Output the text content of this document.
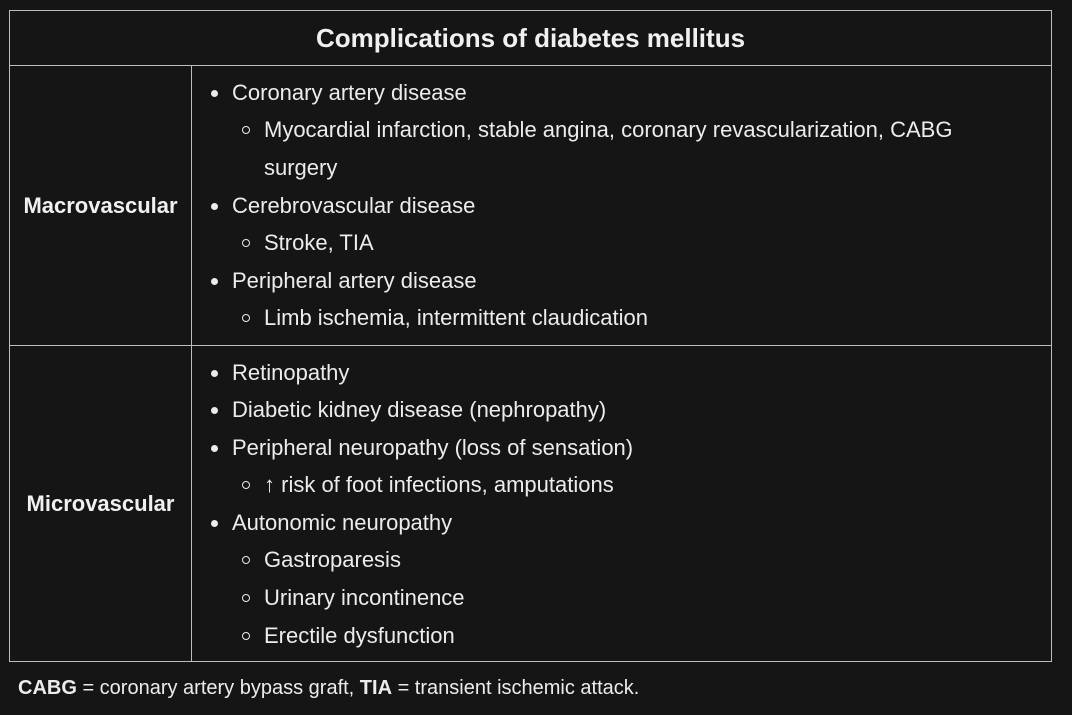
Complications of diabetes mellitus
Macrovascular
Coronary artery disease
Myocardial infarction, stable angina, coronary revascularization, CABG
surgery
Cerebrovascular disease
Stroke, TIA
Peripheral artery disease
Limb ischemia, intermittent claudication
Microvascular
Retinopathy
Diabetic kidney disease (nephropathy)
Peripheral neuropathy (loss of sensation)
↑ risk of foot infections, amputations
Autonomic neuropathy
Gastroparesis
Urinary incontinence
Erectile dysfunction
CABG = coronary artery bypass graft, TIA = transient ischemic attack.
